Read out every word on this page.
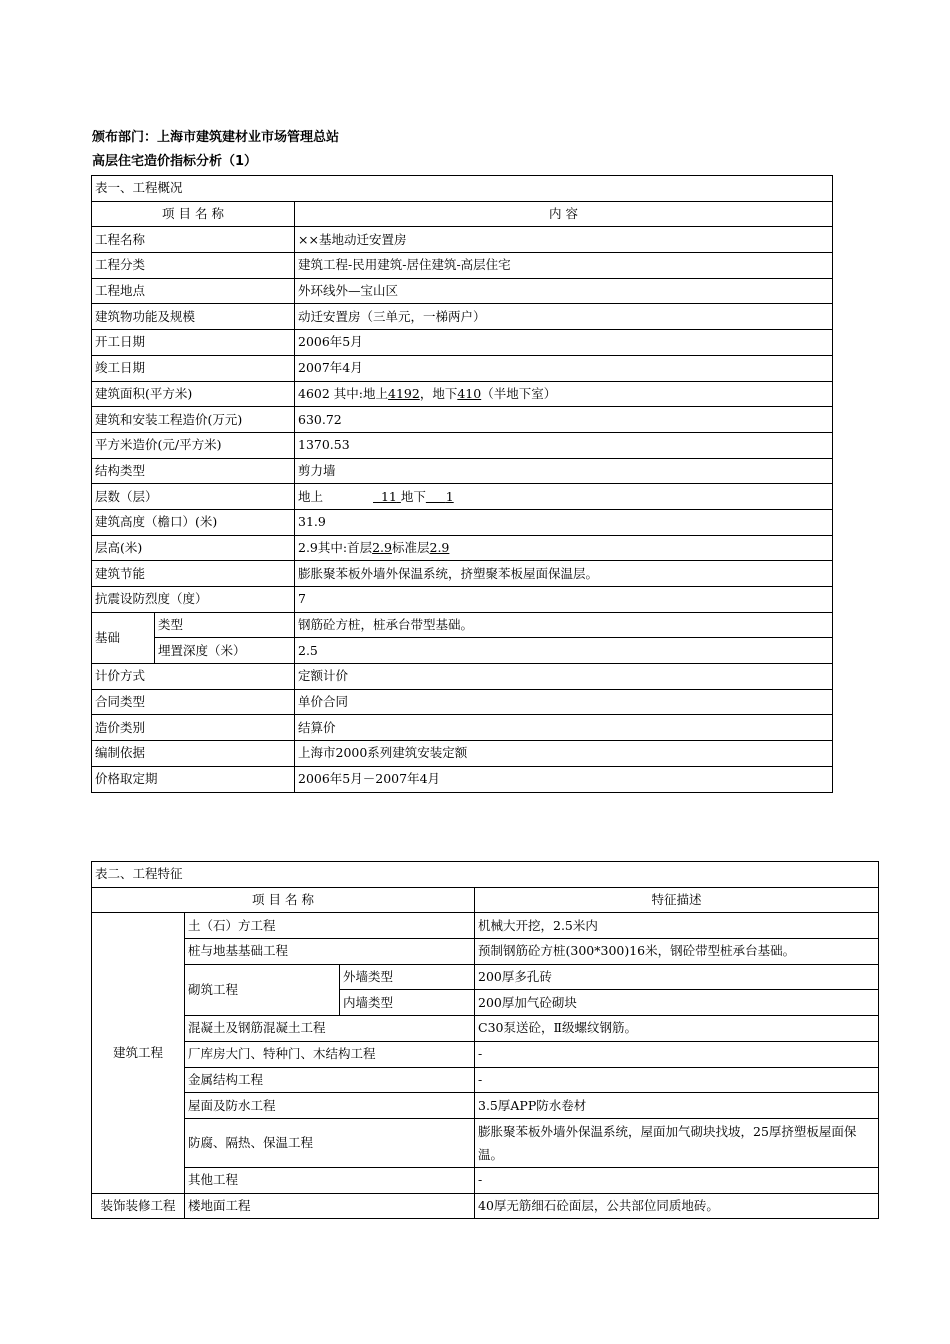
颁布部门：上海市建筑建材业市场管理总站
高层住宅造价指标分析（1）
表一、工程概况		
项 目 名 称		内 容
工程名称		××基地动迁安置房
工程分类		建筑工程-民用建筑-居住建筑-高层住宅
工程地点		外环线外—宝山区
建筑物功能及规模		动迁安置房（三单元，一梯两户）
开工日期		2006年5月
竣工日期		2007年4月
建筑面积(平方米)		4602 其中:地上4192，地下410（半地下室）
建筑和安装工程造价(万元)		630.72
平方米造价(元/平方米)		1370.53
结构类型		剪力墙
层数（层）		地上 11 地下 1
建筑高度（檐口）(米)		31.9
层高(米)		2.9其中:首层2.9标准层2.9
建筑节能		膨胀聚苯板外墙外保温系统，挤塑聚苯板屋面保温层。
抗震设防烈度（度）		7
基础	类型	钢筋砼方桩，桩承台带型基础。
	埋置深度（米）	2.5
计价方式		定额计价
合同类型		单价合同
造价类别		结算价
编制依据		上海市2000系列建筑安装定额
价格取定期		2006年5月－2007年4月
表二、工程特征			
项 目 名 称			特征描述
建筑工程	土（石）方工程		机械大开挖，2.5米内
	桩与地基基础工程		预制钢筋砼方桩(300*300)16米，钢砼带型桩承台基础。
	砌筑工程	外墙类型	200厚多孔砖
		内墙类型	200厚加气砼砌块
	混凝土及钢筋混凝土工程		C30泵送砼，Ⅱ级螺纹钢筋。
	厂库房大门、特种门、木结构工程		-
	金属结构工程		-
	屋面及防水工程		3.5厚APP防水卷材
	防腐、隔热、保温工程		膨胀聚苯板外墙外保温系统，屋面加气砌块找坡，25厚挤塑板屋面保温。
	其他工程		-
装饰装修工程	楼地面工程		40厚无筋细石砼面层，公共部位同质地砖。
